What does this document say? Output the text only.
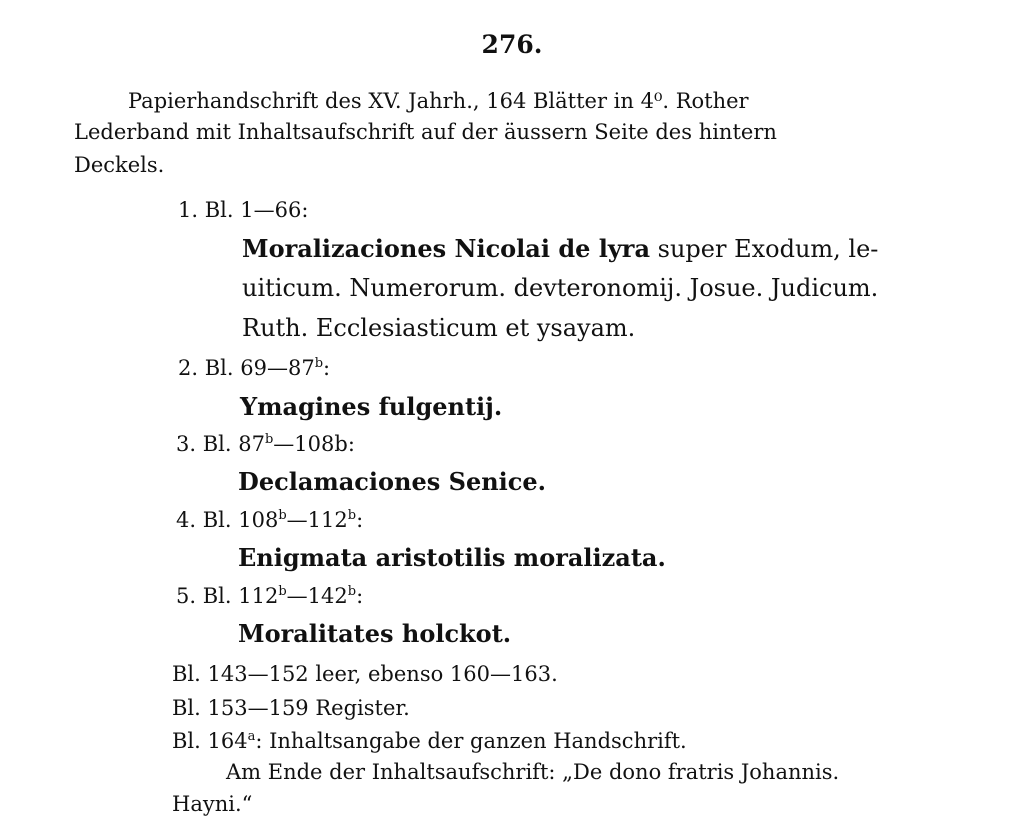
276.
Papierhandschrift des XV. Jahrh., 164 Blätter in 4⁰. Rother
Lederband mit Inhaltsaufschrift auf der äussern Seite des hintern
Deckels.
1. Bl. 1—66:
Moralizaciones Nicolai de lyra super Exodum, le-
uiticum. Numerorum. devteronomij. Josue. Judicum.
Ruth. Ecclesiasticum et ysayam.
2. Bl. 69—87$^b$:
Ymagines fulgentij.
3. Bl. 87$^b$—108b:
Declamaciones Senice.
4. Bl. 108$^b$—112$^b$:
Enigmata aristotilis moralizata.
5. Bl. 112$^b$—142$^b$:
Moralitates holckot.
Bl. 143—152 leer, ebenso 160—163.
Bl. 153—159 Register.
Bl. 164$^a$: Inhaltsangabe der ganzen Handschrift.
Am Ende der Inhaltsaufschrift: „De dono fratris Johannis.
Hayni.“
